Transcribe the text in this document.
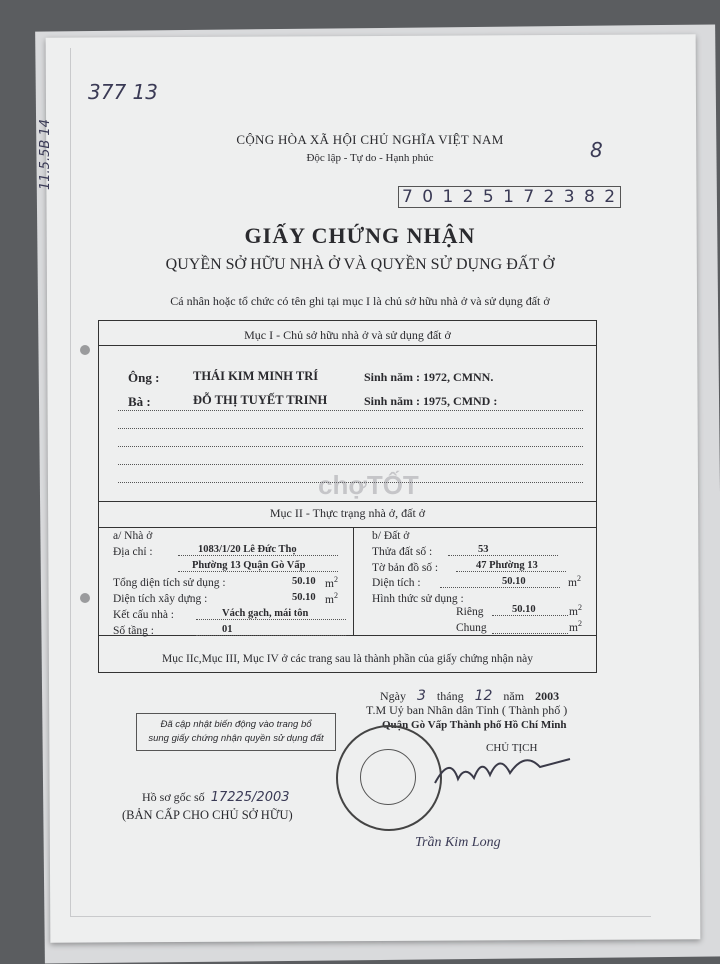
377 13
8
11.5.5B 14	CỘNG HÒA XÃ HỘI CHỦ NGHĨA VIỆT NAM
Độc lập - Tự do - Hạnh phúc
7 0 1 2 5 1 7 2 3 8 2
GIẤY CHỨNG NHẬN
QUYỀN SỞ HỮU NHÀ Ở VÀ QUYỀN SỬ DỤNG ĐẤT Ở
Cá nhân hoặc tổ chức có tên ghi tại mục I là chủ sở hữu nhà ở và sử dụng đất ở
Mục I - Chủ sở hữu nhà ở và sử dụng đất ở
Ông :	THÁI KIM MINH TRÍ	Sinh năm : 1972, CMNN.
Bà :	ĐỖ THỊ TUYẾT TRINH	Sinh năm : 1975, CMND :
chợTỐT
Mục II - Thực trạng nhà ở, đất ở
a/ Nhà ở
Địa chỉ :	1083/1/20 Lê Đức Thọ
Phường 13 Quận Gò Vấp
Tổng diện tích sử dụng :	50.10 $m^2$
Diện tích xây dựng :	50.10 $m^2$
Kết cấu nhà :	Vách gạch, mái tôn
Số tầng :	01
b/ Đất ở
Thửa đất số :	53
Tờ bản đồ số :	47 Phường 13
Diện tích :	50.10	$m^2$
Hình thức sử dụng :
Riêng	50.10	$m^2$
Chung	$m^2$
Mục IIc,Mục III, Mục IV ở các trang sau là thành phần của giấy chứng nhận này
Ngày 3 tháng 12 năm 2003
T.M Uỷ ban Nhân dân Tỉnh ( Thành phố )
Quận Gò Vấp Thành phố Hồ Chí Minh
CHỦ TỊCH
Đã cập nhật biến động vào trang bổ
sung giấy chứng nhận quyền sử dụng đất
Trần Kim Long
Hồ sơ gốc số 17225/2003
(BẢN CẤP CHO CHỦ SỞ HỮU)
